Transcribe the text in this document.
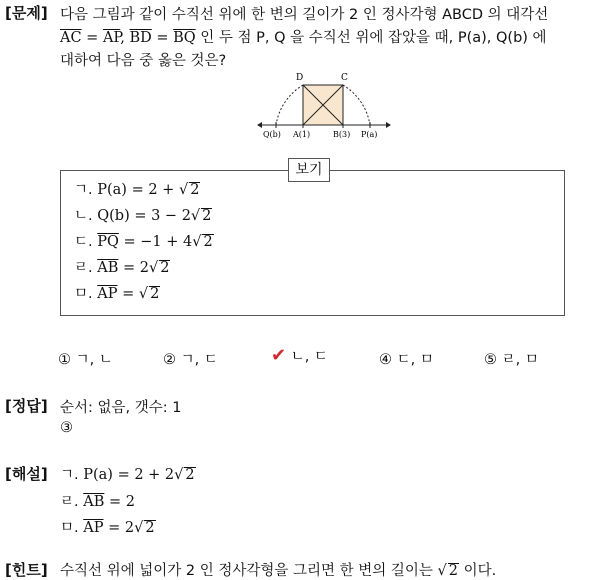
[문제] 다음 그림과 같이 수직선 위에 한 변의 길이가 2 인 정사각형 ABCD 의 대각선
$\overline{AC} = \overline{AP}$, $\overline{BD} = \overline{BQ}$ 인 두 점 P, Q 을 수직선 위에 잡았을 때, P(a), Q(b) 에
대하여 다음 중 옳은 것은?
D	C
Q(b) A(1)	B(3) P(a)
보기
ㄱ. P(a) = 2 + √ 2
ㄴ. Q(b) = 3 − 2√ 2
ㄷ. $\overline{PQ} = -1 + 4√$ 2
ㄹ. $\overline{AB} = 2√$ 2
ㅁ. $\overline{AP}$ = √ 2
① ㄱ, ㄴ	② ㄱ, ㄷ	✔ ㄴ, ㄷ	④ ㄷ, ㅁ	⑤ ㄹ, ㅁ
[정답] 순서: 없음, 갯수: 1
③
[해설] ㄱ. P(a) = 2 + 2√ 2
ㄹ. $\overline{AB} = 2$
ㅁ. $\overline{AP} = 2√$ 2
[힌트] 수직선 위에 넓이가 2 인 정사각형을 그리면 한 변의 길이는 √ 2 이다.
